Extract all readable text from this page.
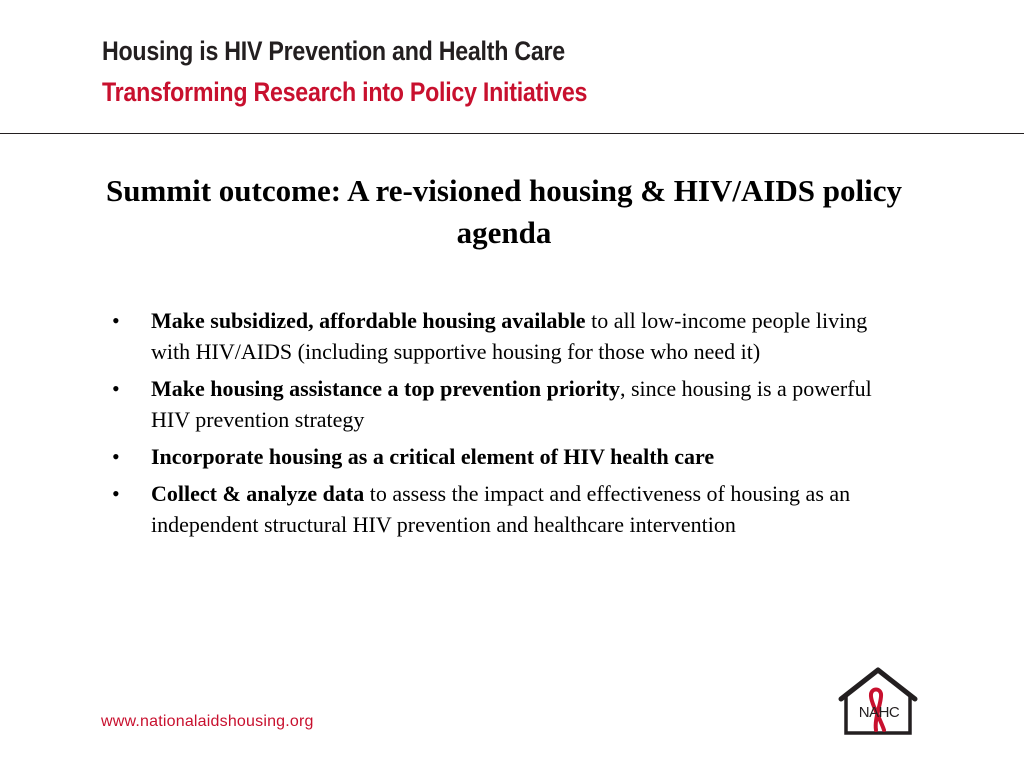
Housing is HIV Prevention and Health Care
Transforming Research into Policy Initiatives
Summit outcome: A re-visioned housing & HIV/AIDS policy agenda
• Make subsidized, affordable housing available to all low-income people living with HIV/AIDS (including supportive housing for those who need it)
• Make housing assistance a top prevention priority, since housing is a powerful HIV prevention strategy
• Incorporate housing as a critical element of HIV health care
• Collect & analyze data to assess the impact and effectiveness of housing as an independent structural HIV prevention and healthcare intervention
www.nationalaidshousing.org
NAHC
